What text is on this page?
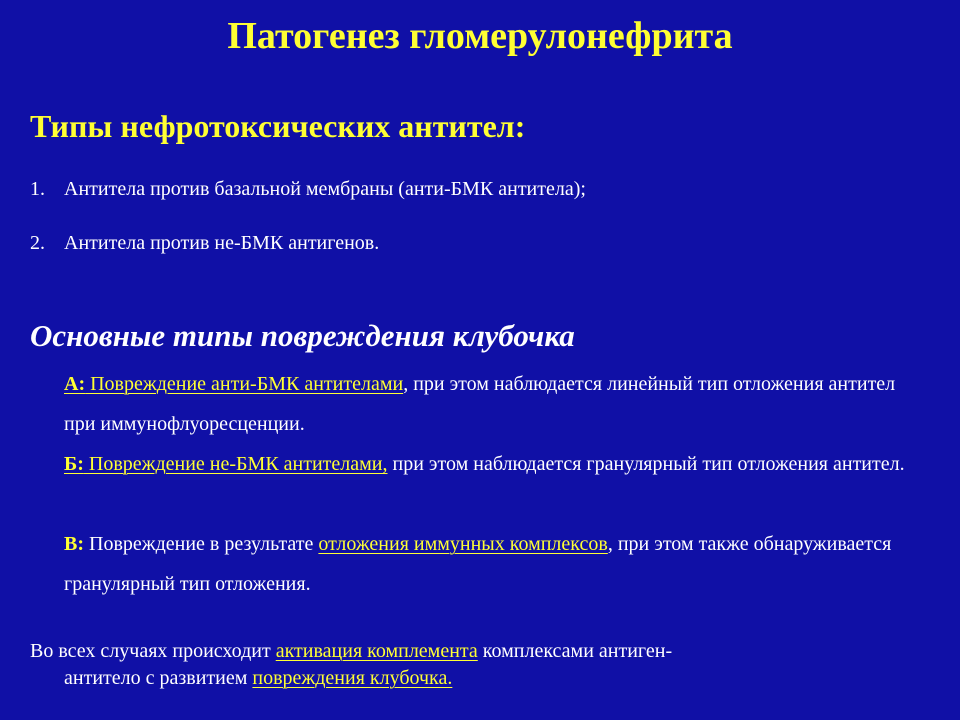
Патогенез гломерулонефрита
Типы нефротоксических антител:
1. Антитела против базальной мембраны (анти-БМК антитела);
2. Антитела против не-БМК антигенов.
Основные типы повреждения клубочка
А: Повреждение анти-БМК антителами, при этом наблюдается линейный тип отложения антител при иммунофлуоресценции.
Б: Повреждение не-БМК антителами, при этом наблюдается гранулярный тип отложения антител.
В: Повреждение в результате отложения иммунных комплексов, при этом также обнаруживается гранулярный тип отложения.
Во всех случаях происходит активация комплемента комплексами антиген-
антитело с развитием повреждения клубочка.
